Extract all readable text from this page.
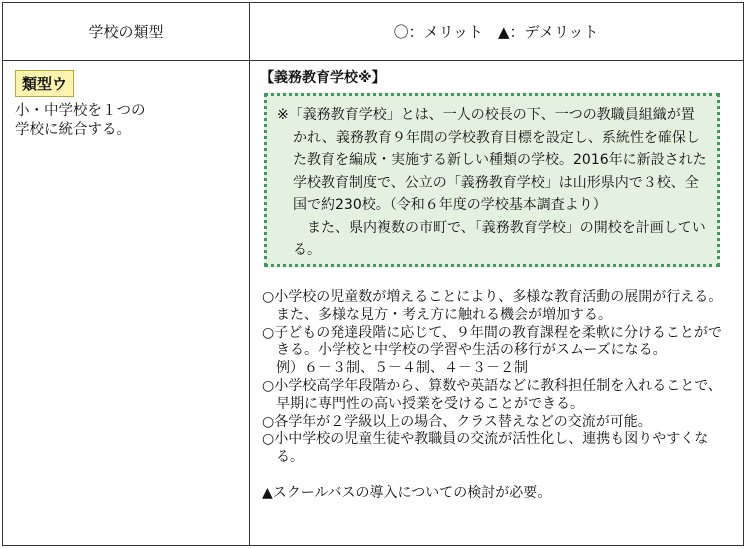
学校の類型	〇：メリット　▲：デメリット
類型ウ
小・中学校を１つの
学校に統合する。
【義務教育学校※】
※「義務教育学校」とは、一人の校長の下、一つの教職員組織が置かれ、義務教育９年間の学校教育目標を設定し、系統性を確保した教育を編成・実施する新しい種類の学校。2016年に新設された学校教育制度で、公立の「義務教育学校」は山形県内で３校、全国で約230校。（令和６年度の学校基本調査より）
　また、県内複数の市町で、「義務教育学校」の開校を計画している。
○小学校の児童数が増えることにより、多様な教育活動の展開が行える。また、多様な見方・考え方に触れる機会が増加する。
○子どもの発達段階に応じて、９年間の教育課程を柔軟に分けることができる。小学校と中学校の学習や生活の移行がスムーズになる。
例）６－３制、５－４制、４－３－２制
○小学校高学年段階から、算数や英語などに教科担任制を入れることで、早期に専門性の高い授業を受けることができる。
○各学年が２学級以上の場合、クラス替えなどの交流が可能。
○小中学校の児童生徒や教職員の交流が活性化し、連携も図りやすくなる。
▲スクールバスの導入についての検討が必要。
